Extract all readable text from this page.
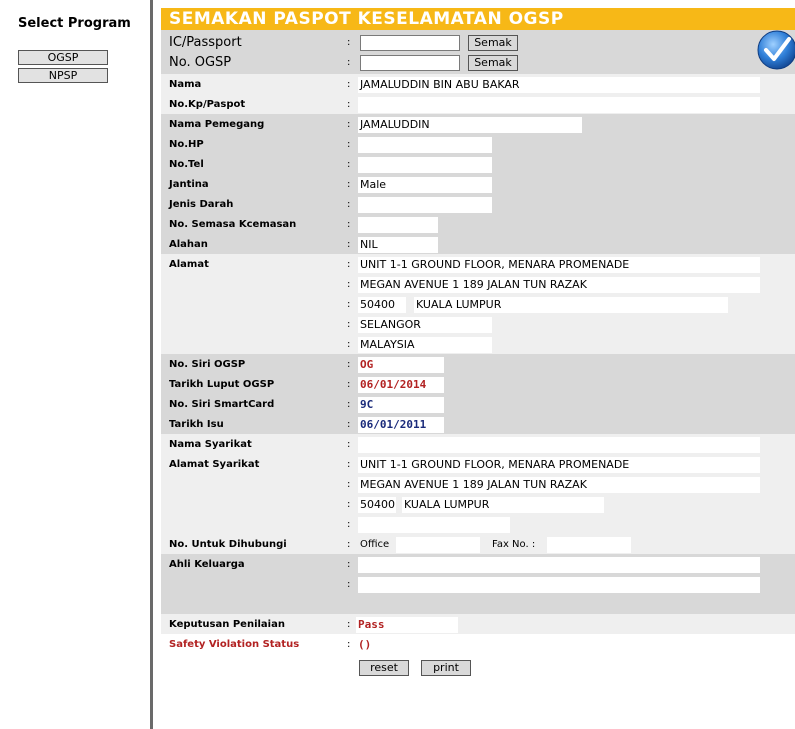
Select Program
OGSP
NPSP
SEMAKAN PASPOT KESELAMATAN OGSP
IC/Passport	:	Semak
No. OGSP	:	Semak
Nama	: JAMALUDDIN BIN ABU BAKAR
No.Kp/Paspot	:
Nama Pemegang	: JAMALUDDIN
No.HP	:
No.Tel	:
Jantina	: Male
Jenis Darah	:
No. Semasa Kcemasan	:
Alahan	: NIL
Alamat	: UNIT 1-1 GROUND FLOOR, MENARA PROMENADE
: MEGAN AVENUE 1 189 JALAN TUN RAZAK
: 50400	KUALA LUMPUR
: SELANGOR
: MALAYSIA
No. Siri OGSP	: OG
Tarikh Luput OGSP	: 06/01/2014
No. Siri SmartCard	: 9C
Tarikh Isu	: 06/01/2011
Nama Syarikat	:
Alamat Syarikat	: UNIT 1-1 GROUND FLOOR, MENARA PROMENADE
: MEGAN AVENUE 1 189 JALAN TUN RAZAK
: 50400 KUALA LUMPUR
:
No. Untuk Dihubungi	: Office	Fax No. :
Ahli Keluarga	:
:
Keputusan Penilaian	: Pass
Safety Violation Status	: ()
reset	print
